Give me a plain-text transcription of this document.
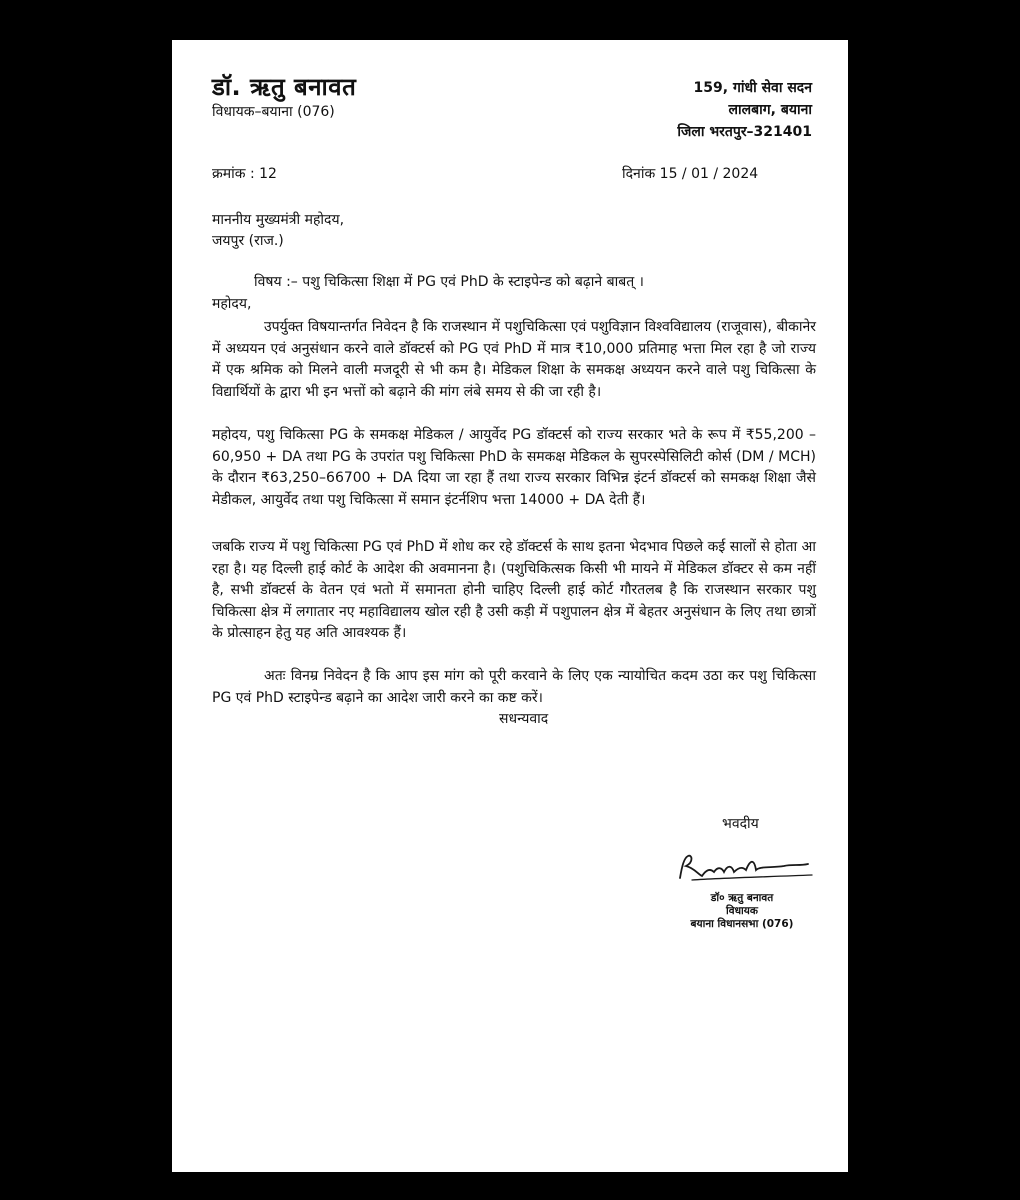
डॉ. ऋतु बनावत
विधायक–बयाना (076)
159, गांधी सेवा सदन
लालबाग, बयाना
जिला भरतपुर–321401
क्रमांक : 12	दिनांक 15 / 01 / 2024
माननीय मुख्यमंत्री महोदय,
जयपुर (राज.)
विषय :– पशु चिकित्सा शिक्षा में PG एवं PhD के स्टाइपेन्ड को बढ़ाने बाबत् ।
महोदय,
उपर्युक्त विषयान्तर्गत निवेदन है कि राजस्थान में पशुचिकित्सा एवं पशुविज्ञान विश्वविद्यालय (राजूवास), बीकानेर में अध्ययन एवं अनुसंधान करने वाले डॉक्टर्स को PG एवं PhD में मात्र ₹10,000 प्रतिमाह भत्ता मिल रहा है जो राज्य में एक श्रमिक को मिलने वाली मजदूरी से भी कम है। मेडिकल शिक्षा के समकक्ष अध्ययन करने वाले पशु चिकित्सा के विद्यार्थियों के द्वारा भी इन भत्तों को बढ़ाने की मांग लंबे समय से की जा रही है।
महोदय, पशु चिकित्सा PG के समकक्ष मेडिकल / आयुर्वेद PG डॉक्टर्स को राज्य सरकार भते के रूप में ₹55,200 – 60,950 + DA तथा PG के उपरांत पशु चिकित्सा PhD के समकक्ष मेडिकल के सुपरस्पेसिलिटी कोर्स (DM / MCH) के दौरान ₹63,250–66700 + DA दिया जा रहा हैं तथा राज्य सरकार विभिन्न इंटर्न डॉक्टर्स को समकक्ष शिक्षा जैसे मेडीकल, आयुर्वेद तथा पशु चिकित्सा में समान इंटर्नशिप भत्ता 14000 + DA देती हैं।
जबकि राज्य में पशु चिकित्सा PG एवं PhD में शोध कर रहे डॉक्टर्स के साथ इतना भेदभाव पिछले कई सालों से होता आ रहा है। यह दिल्ली हाई कोर्ट के आदेश की अवमानना है। (पशुचिकित्सक किसी भी मायने में मेडिकल डॉक्टर से कम नहीं है, सभी डॉक्टर्स के वेतन एवं भतो में समानता होनी चाहिए दिल्ली हाई कोर्ट गौरतलब है कि राजस्थान सरकार पशु चिकित्सा क्षेत्र में लगातार नए महाविद्यालय खोल रही है उसी कड़ी में पशुपालन क्षेत्र में बेहतर अनुसंधान के लिए तथा छात्रों के प्रोत्साहन हेतु यह अति आवश्यक हैं।
अतः विनम्र निवेदन है कि आप इस मांग को पूरी करवाने के लिए एक न्यायोचित कदम उठा कर पशु चिकित्सा PG एवं PhD स्टाइपेन्ड बढ़ाने का आदेश जारी करने का कष्ट करें।
सधन्यवाद
भवदीय
डॉ० ऋतु बनावत
विधायक
बयाना विधानसभा (076)
